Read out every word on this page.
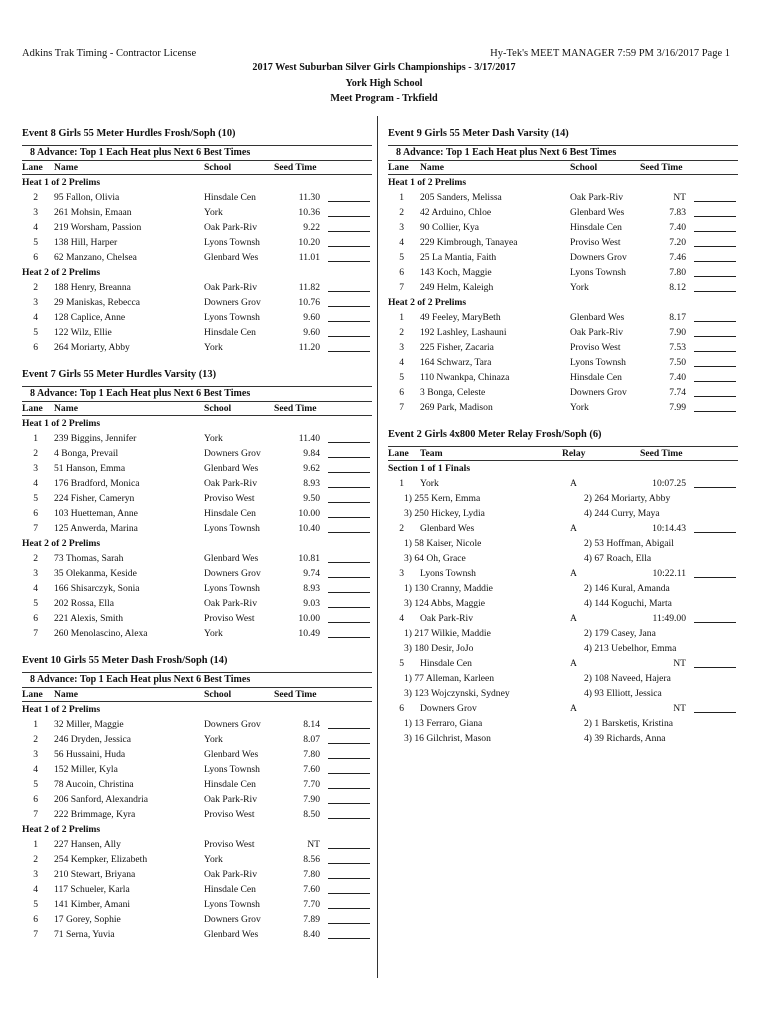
Adkins Trak Timing - Contractor License	Hy-Tek's MEET MANAGER 7:59 PM 3/16/2017 Page 1
2017 West Suburban Silver Girls Championships - 3/17/2017
York High School
Meet Program - Trkfield
Event 8 Girls 55 Meter Hurdles Frosh/Soph (10)
8 Advance: Top 1 Each Heat plus Next 6 Best Times
Lane Name	School	Seed Time
Heat 1 of 2 Prelims
2 95 Fallon, Olivia	Hinsdale Cen	11.30
3 261 Mohsin, Emaan	York	10.36
4 219 Worsham, Passion	Oak Park-Riv	9.22
5 138 Hill, Harper	Lyons Townsh	10.20
6 62 Manzano, Chelsea	Glenbard Wes	11.01
Heat 2 of 2 Prelims
2 188 Henry, Breanna	Oak Park-Riv	11.82
3 29 Maniskas, Rebecca	Downers Grov	10.76
4 128 Caplice, Anne	Lyons Townsh	9.60
5 122 Wilz, Ellie	Hinsdale Cen	9.60
6 264 Moriarty, Abby	York	11.20
Event 7 Girls 55 Meter Hurdles Varsity (13)
8 Advance: Top 1 Each Heat plus Next 6 Best Times
Lane Name	School	Seed Time
Heat 1 of 2 Prelims
1 239 Biggins, Jennifer	York	11.40
2 4 Bonga, Prevail	Downers Grov	9.84
3 51 Hanson, Emma	Glenbard Wes	9.62
4 176 Bradford, Monica	Oak Park-Riv	8.93
5 224 Fisher, Cameryn	Proviso West	9.50
6 103 Huetteman, Anne	Hinsdale Cen	10.00
7 125 Anwerda, Marina	Lyons Townsh	10.40
Heat 2 of 2 Prelims
2 73 Thomas, Sarah	Glenbard Wes	10.81
3 35 Olekanma, Keside	Downers Grov	9.74
4 166 Shisarczyk, Sonia	Lyons Townsh	8.93
5 202 Rossa, Ella	Oak Park-Riv	9.03
6 221 Alexis, Smith	Proviso West	10.00
7 260 Menolascino, Alexa	York	10.49
Event 10 Girls 55 Meter Dash Frosh/Soph (14)
8 Advance: Top 1 Each Heat plus Next 6 Best Times
Lane Name	School	Seed Time
Heat 1 of 2 Prelims
1 32 Miller, Maggie	Downers Grov	8.14
2 246 Dryden, Jessica	York	8.07
3 56 Hussaini, Huda	Glenbard Wes	7.80
4 152 Miller, Kyla	Lyons Townsh	7.60
5 78 Aucoin, Christina	Hinsdale Cen	7.70
6 206 Sanford, Alexandria	Oak Park-Riv	7.90
7 222 Brimmage, Kyra	Proviso West	8.50
Heat 2 of 2 Prelims
1 227 Hansen, Ally	Proviso West	NT
2 254 Kempker, Elizabeth	York	8.56
3 210 Stewart, Briyana	Oak Park-Riv	7.80
4 117 Schueler, Karla	Hinsdale Cen	7.60
5 141 Kimber, Amani	Lyons Townsh	7.70
6 17 Gorey, Sophie	Downers Grov	7.89
7 71 Serna, Yuvia	Glenbard Wes	8.40
Event 9 Girls 55 Meter Dash Varsity (14)
8 Advance: Top 1 Each Heat plus Next 6 Best Times
Lane Name	School	Seed Time
Heat 1 of 2 Prelims
1 205 Sanders, Melissa	Oak Park-Riv	NT
2 42 Arduino, Chloe	Glenbard Wes	7.83
3 90 Collier, Kya	Hinsdale Cen	7.40
4 229 Kimbrough, Tanayea	Proviso West	7.20
5 25 La Mantia, Faith	Downers Grov	7.46
6 143 Koch, Maggie	Lyons Townsh	7.80
7 249 Helm, Kaleigh	York	8.12
Heat 2 of 2 Prelims
1 49 Feeley, MaryBeth	Glenbard Wes	8.17
2 192 Lashley, Lashauni	Oak Park-Riv	7.90
3 225 Fisher, Zacaria	Proviso West	7.53
4 164 Schwarz, Tara	Lyons Townsh	7.50
5 110 Nwankpa, Chinaza	Hinsdale Cen	7.40
6 3 Bonga, Celeste	Downers Grov	7.74
7 269 Park, Madison	York	7.99
Event 2 Girls 4x800 Meter Relay Frosh/Soph (6)
Lane Team	Relay	Seed Time
Section 1 of 1 Finals
1 York	A	10:07.25
1) 255 Kern, Emma	2) 264 Moriarty, Abby
3) 250 Hickey, Lydia	4) 244 Curry, Maya
2 Glenbard Wes	A	10:14.43
1) 58 Kaiser, Nicole	2) 53 Hoffman, Abigail
3) 64 Oh, Grace	4) 67 Roach, Ella
3 Lyons Townsh	A	10:22.11
1) 130 Cranny, Maddie	2) 146 Kural, Amanda
3) 124 Abbs, Maggie	4) 144 Koguchi, Marta
4 Oak Park-Riv	A	11:49.00
1) 217 Wilkie, Maddie	2) 179 Casey, Jana
3) 180 Desir, JoJo	4) 213 Uebelhor, Emma
5 Hinsdale Cen	A	NT
1) 77 Alleman, Karleen	2) 108 Naveed, Hajera
3) 123 Wojczynski, Sydney	4) 93 Elliott, Jessica
6 Downers Grov	A	NT
1) 13 Ferraro, Giana	2) 1 Barsketis, Kristina
3) 16 Gilchrist, Mason	4) 39 Richards, Anna
